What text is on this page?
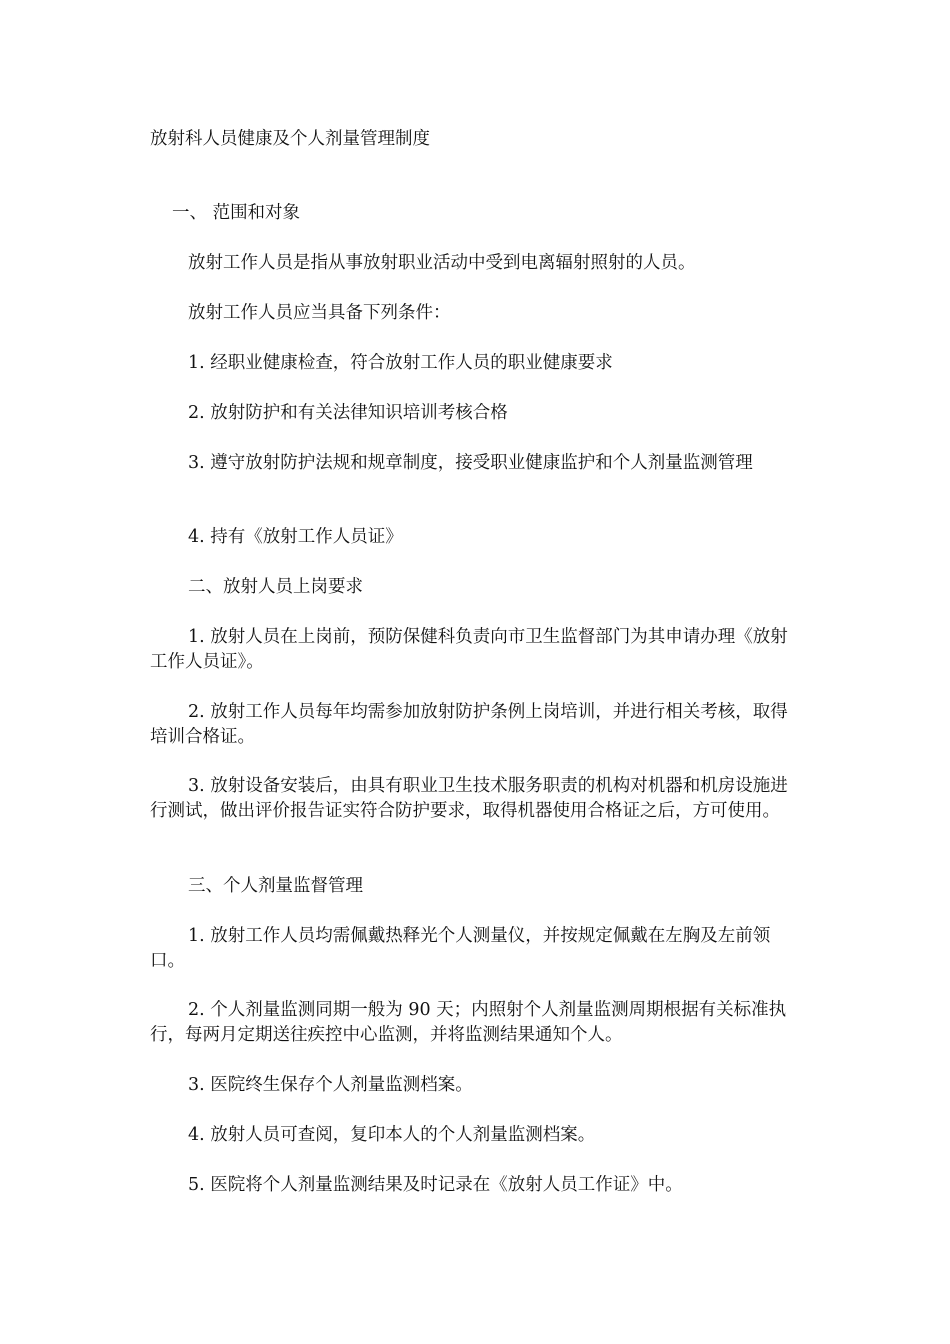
放射科人员健康及个人剂量管理制度

一、 范围和对象

放射工作人员是指从事放射职业活动中受到电离辐射照射的人员。

放射工作人员应当具备下列条件：

1. 经职业健康检查，符合放射工作人员的职业健康要求

2. 放射防护和有关法律知识培训考核合格

3. 遵守放射防护法规和规章制度，接受职业健康监护和个人剂量监测管理

4. 持有《放射工作人员证》

二、放射人员上岗要求

1. 放射人员在上岗前，预防保健科负责向市卫生监督部门为其申请办理《放射工作人员证》。

2. 放射工作人员每年均需参加放射防护条例上岗培训，并进行相关考核，取得培训合格证。

3. 放射设备安装后，由具有职业卫生技术服务职责的机构对机器和机房设施进行测试，做出评价报告证实符合防护要求，取得机器使用合格证之后，方可使用。

三、个人剂量监督管理

1. 放射工作人员均需佩戴热释光个人测量仪，并按规定佩戴在左胸及左前领口。

2. 个人剂量监测同期一般为 90 天；内照射个人剂量监测周期根据有关标准执行，每两月定期送往疾控中心监测，并将监测结果通知个人。

3. 医院终生保存个人剂量监测档案。

4. 放射人员可查阅，复印本人的个人剂量监测档案。

5. 医院将个人剂量监测结果及时记录在《放射人员工作证》中。
